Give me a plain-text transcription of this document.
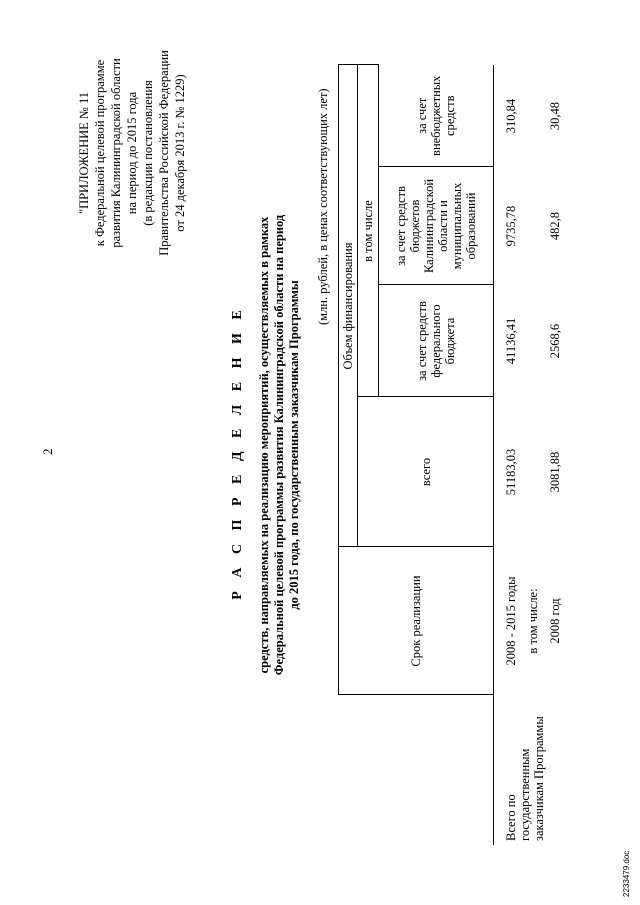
2
"ПРИЛОЖЕНИЕ № 11 к Федеральной целевой программе развития Калининградской области на период до 2015 года (в редакции постановления Правительства Российской Федерации от 24 декабря 2013 г. № 1229)
Р А С П Р Е Д Е Л Е Н И Е средств, направляемых на реализацию мероприятий, осуществляемых в рамках Федеральной целевой программы развития Калининградской области на период до 2015 года, по государственным заказчикам Программы
(млн. рублей, в ценах соответствующих лет)
	Срок реализации	Объем финансирования			
		всего	в том числе		
			за счет средств федерального бюджета	за счет средств бюджетов Калининградской области и муниципальных образований	за счет внебюджетных средств
Всего по государственным заказчикам Программы	2008 - 2015 годы	51183,03	41136,41	9735,78	310,84
	в том числе:				
	2008 год	3081,88	2568,6	482,8	30,48
2233479.doc
